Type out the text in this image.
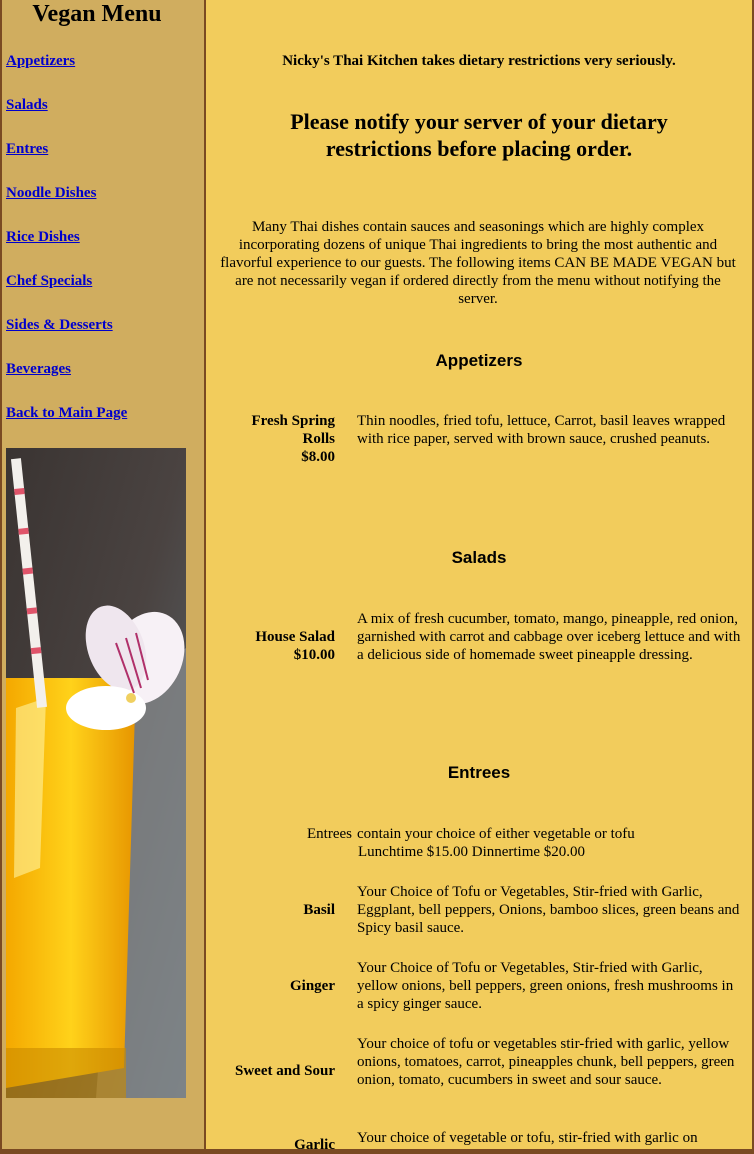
Vegan Menu
Appetizers
Salads
Entres
Noodle Dishes
Rice Dishes
Chef Specials
Sides & Desserts
Beverages
Back to Main Page
Nicky's Thai Kitchen takes dietary restrictions very seriously.
Please notify your server of your dietary restrictions before placing order.
Many Thai dishes contain sauces and seasonings which are highly complex incorporating dozens of unique Thai ingredients to bring the most authentic and flavorful experience to our guests. The following items CAN BE MADE VEGAN but are not necessarily vegan if ordered directly from the menu without notifying the server.
Appetizers
Fresh Spring Rolls
$8.00
Thin noodles, fried tofu, lettuce, Carrot, basil leaves wrapped with rice paper, served with brown sauce, crushed peanuts.
Salads
House Salad
$10.00
A mix of fresh cucumber, tomato, mango, pineapple, red onion, garnished with carrot and cabbage over iceberg lettuce and with a delicious side of homemade sweet pineapple dressing.
Entrees
Entrees contain your choice of either vegetable or tofu
Lunchtime $15.00 Dinnertime $20.00
Basil
Your Choice of Tofu or Vegetables, Stir-fried with Garlic, Eggplant, bell peppers, Onions, bamboo slices, green beans and Spicy basil sauce.
Ginger
Your Choice of Tofu or Vegetables, Stir-fried with Garlic, yellow onions, bell peppers, green onions, fresh mushrooms in a spicy ginger sauce.
Sweet and Sour
Your choice of tofu or vegetables stir-fried with garlic, yellow onions, tomatoes, carrot, pineapples chunk, bell peppers, green onion, tomato, cucumbers in sweet and sour sauce.
Garlic Your choice of vegetable or tofu, stir-fried with garlic on
